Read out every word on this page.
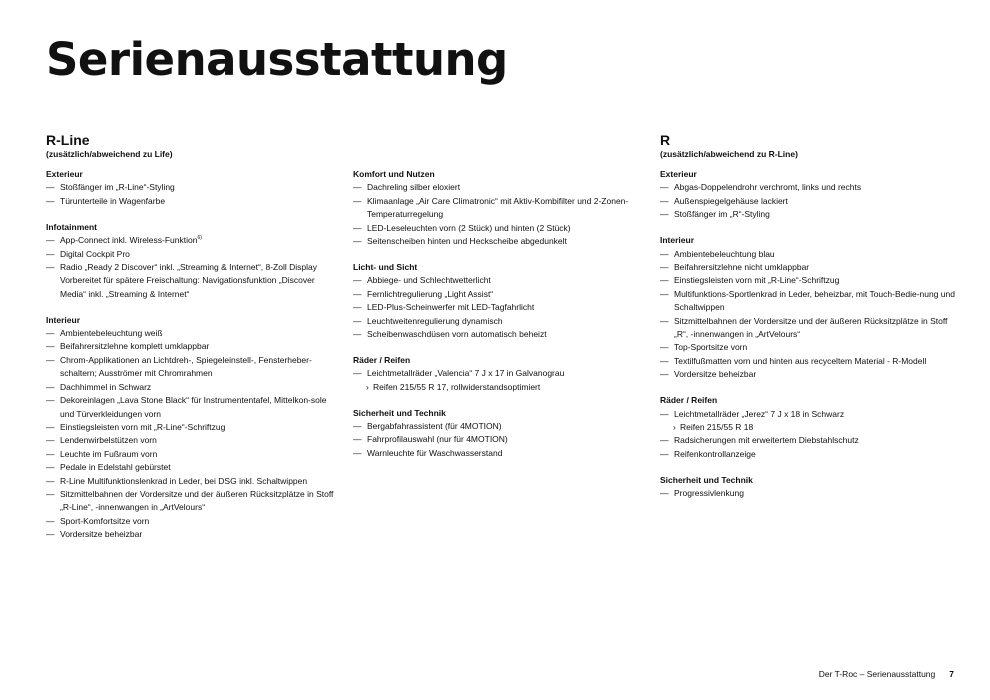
Serienausstattung

R-Line

(zusätzlich/abweichend zu Life)

Exterieur

— Stoßfänger im „R-Line“-Styling
— Türunterteile in Wagenfarbe

Infotainment

— App-Connect inkl. Wireless-Funktion$^{6)}$
— Digital Cockpit Pro
— Radio „Ready 2 Discover“ inkl. „Streaming & Internet“, 8-Zoll Display Vorbereitet für spätere Freischaltung: Navigationsfunktion „Discover Media“ inkl. „Streaming & Internet“

Interieur

— Ambientebeleuchtung weiß
— Beifahrersitzlehne komplett umklappbar
— Chrom-Applikationen an Lichtdreh-, Spiegeleinstell-, Fensterheber-schaltern; Ausströmer mit Chromrahmen
— Dachhimmel in Schwarz
— Dekoreinlagen „Lava Stone Black“ für Instrumententafel, Mittelkon-sole und Türverkleidungen vorn
— Einstiegsleisten vorn mit „R-Line“-Schriftzug
— Lendenwirbelstützen vorn
— Leuchte im Fußraum vorn
— Pedale in Edelstahl gebürstet
— R-Line Multifunktionslenkrad in Leder, bei DSG inkl. Schaltwippen
— Sitzmittelbahnen der Vordersitze und der äußeren Rücksitzplätze in Stoff „R-Line“, -innenwangen in „ArtVelours“
— Sport-Komfortsitze vorn
— Vordersitze beheizbar

Komfort und Nutzen

— Dachreling silber eloxiert
— Klimaanlage „Air Care Climatronic“ mit Aktiv-Kombifilter und 2-Zonen-Temperaturregelung
— LED-Leseleuchten vorn (2 Stück) und hinten (2 Stück)
— Seitenscheiben hinten und Heckscheibe abgedunkelt

Licht- und Sicht

— Abbiege- und Schlechtwetterlicht
— Fernlichtregulierung „Light Assist“
— LED-Plus-Scheinwerfer mit LED-Tagfahrlicht
— Leuchtweitenregulierung dynamisch
— Scheibenwaschdüsen vorn automatisch beheizt

Räder / Reifen

— Leichtmetallräder „Valencia“ 7 J x 17 in Galvanograu
› Reifen 215/55 R 17, rollwiderstandsoptimiert

Sicherheit und Technik

— Bergabfahrassistent (für 4MOTION)
— Fahrprofilauswahl (nur für 4MOTION)
— Warnleuchte für Waschwasserstand

R

(zusätzlich/abweichend zu R-Line)

Exterieur

— Abgas-Doppelendrohr verchromt, links und rechts
— Außenspiegelgehäuse lackiert
— Stoßfänger im „R“-Styling

Interieur

— Ambientebeleuchtung blau
— Beifahrersitzlehne nicht umklappbar
— Einstiegsleisten vorn mit „R-Line“-Schriftzug
— Multifunktions-Sportlenkrad in Leder, beheizbar, mit Touch-Bedie-nung und Schaltwippen
— Sitzmittelbahnen der Vordersitze und der äußeren Rücksitzplätze in Stoff „R“, -innenwangen in „ArtVelours“
— Top-Sportsitze vorn
— Textilfußmatten vorn und hinten aus recyceltem Material - R-Modell
— Vordersitze beheizbar

Räder / Reifen

— Leichtmetallräder „Jerez“ 7 J x 18 in Schwarz
› Reifen 215/55 R 18
— Radsicherungen mit erweitertem Diebstahlschutz
— Reifenkontrollanzeige

Sicherheit und Technik

— Progressivlenkung
Der T-Roc – Serienausstattung 7
